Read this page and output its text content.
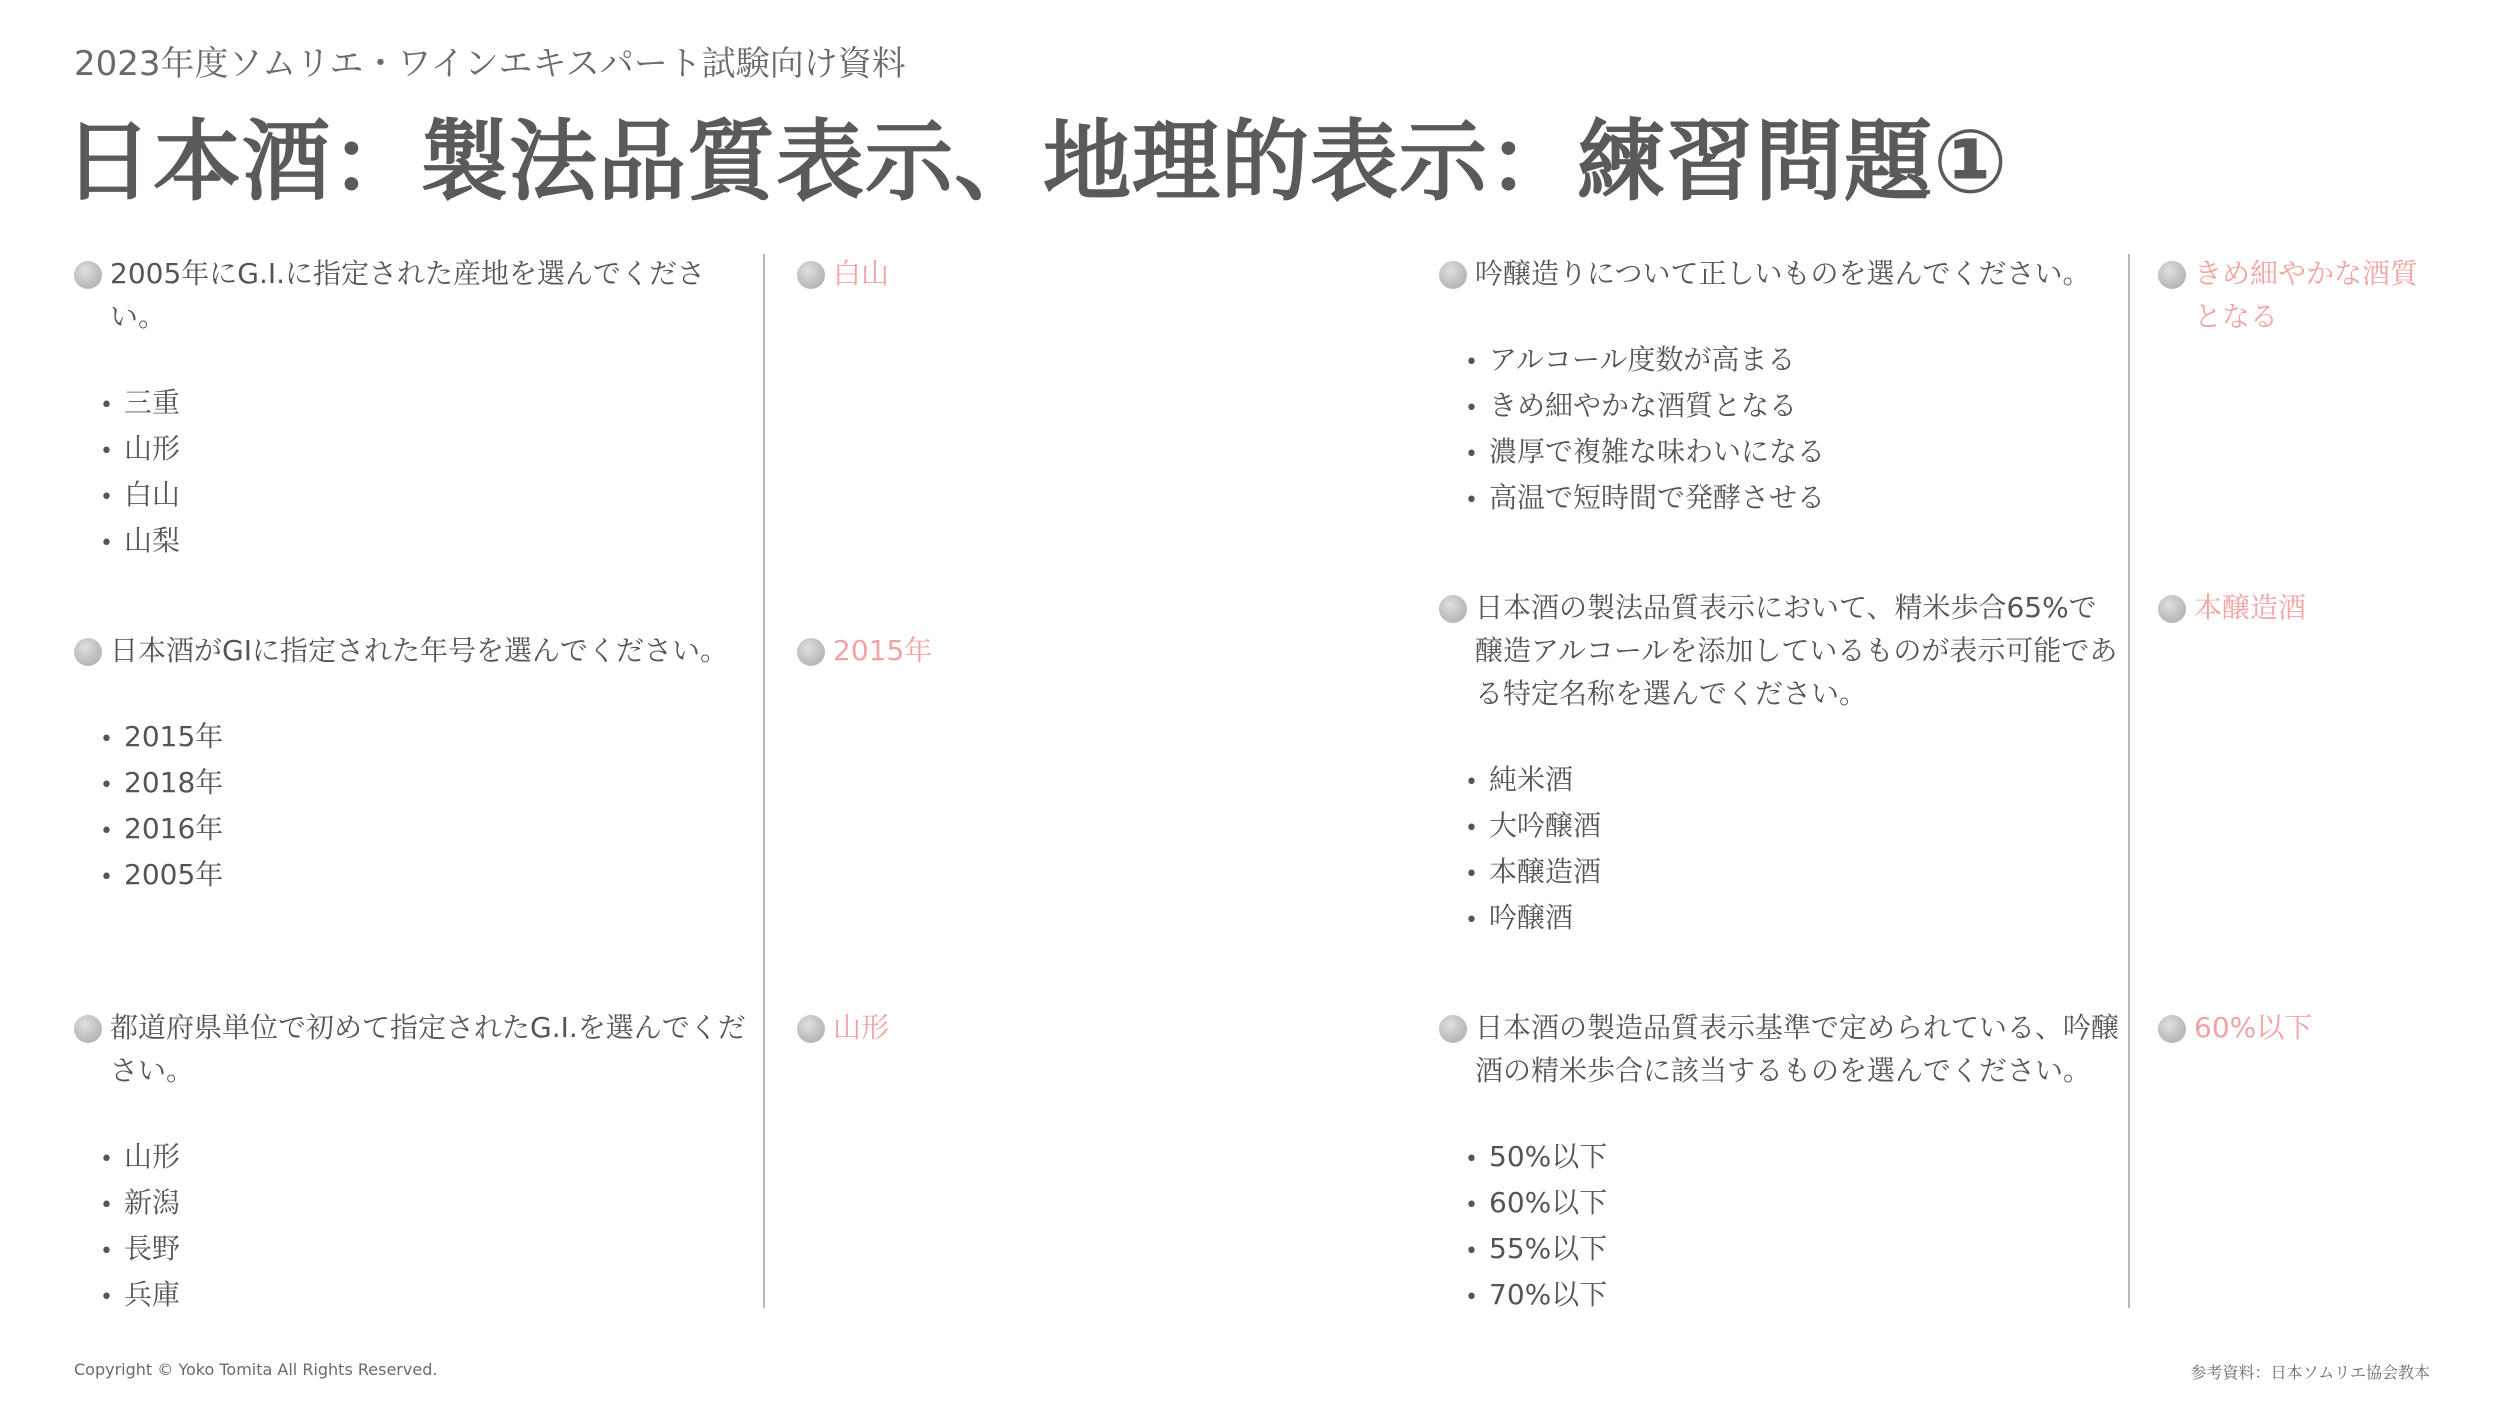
2023年度ソムリエ・ワインエキスパート試験向け資料
日本酒：製法品質表示、地理的表示：練習問題①
2005年にG.I.に指定された産地を選んでください。
• 三重
• 山形
• 白山
• 山梨
白山
日本酒がGIに指定された年号を選んでください。
• 2015年
• 2018年
• 2016年
• 2005年
2015年
都道府県単位で初めて指定されたG.I.を選んでください。
• 山形
• 新潟
• 長野
• 兵庫
山形
吟醸造りについて正しいものを選んでください。
• アルコール度数が高まる
• きめ細やかな酒質となる
• 濃厚で複雑な味わいになる
• 高温で短時間で発酵させる
きめ細やかな酒質となる
日本酒の製法品質表示において、精米歩合65%で醸造アルコールを添加しているものが表示可能である特定名称を選んでください。
• 純米酒
• 大吟醸酒
• 本醸造酒
• 吟醸酒
本醸造酒
日本酒の製造品質表示基準で定められている、吟醸酒の精米歩合に該当するものを選んでください。
• 50%以下
• 60%以下
• 55%以下
• 70%以下
60%以下
Copyright © Yoko Tomita All Rights Reserved.	参考資料：日本ソムリエ協会教本
